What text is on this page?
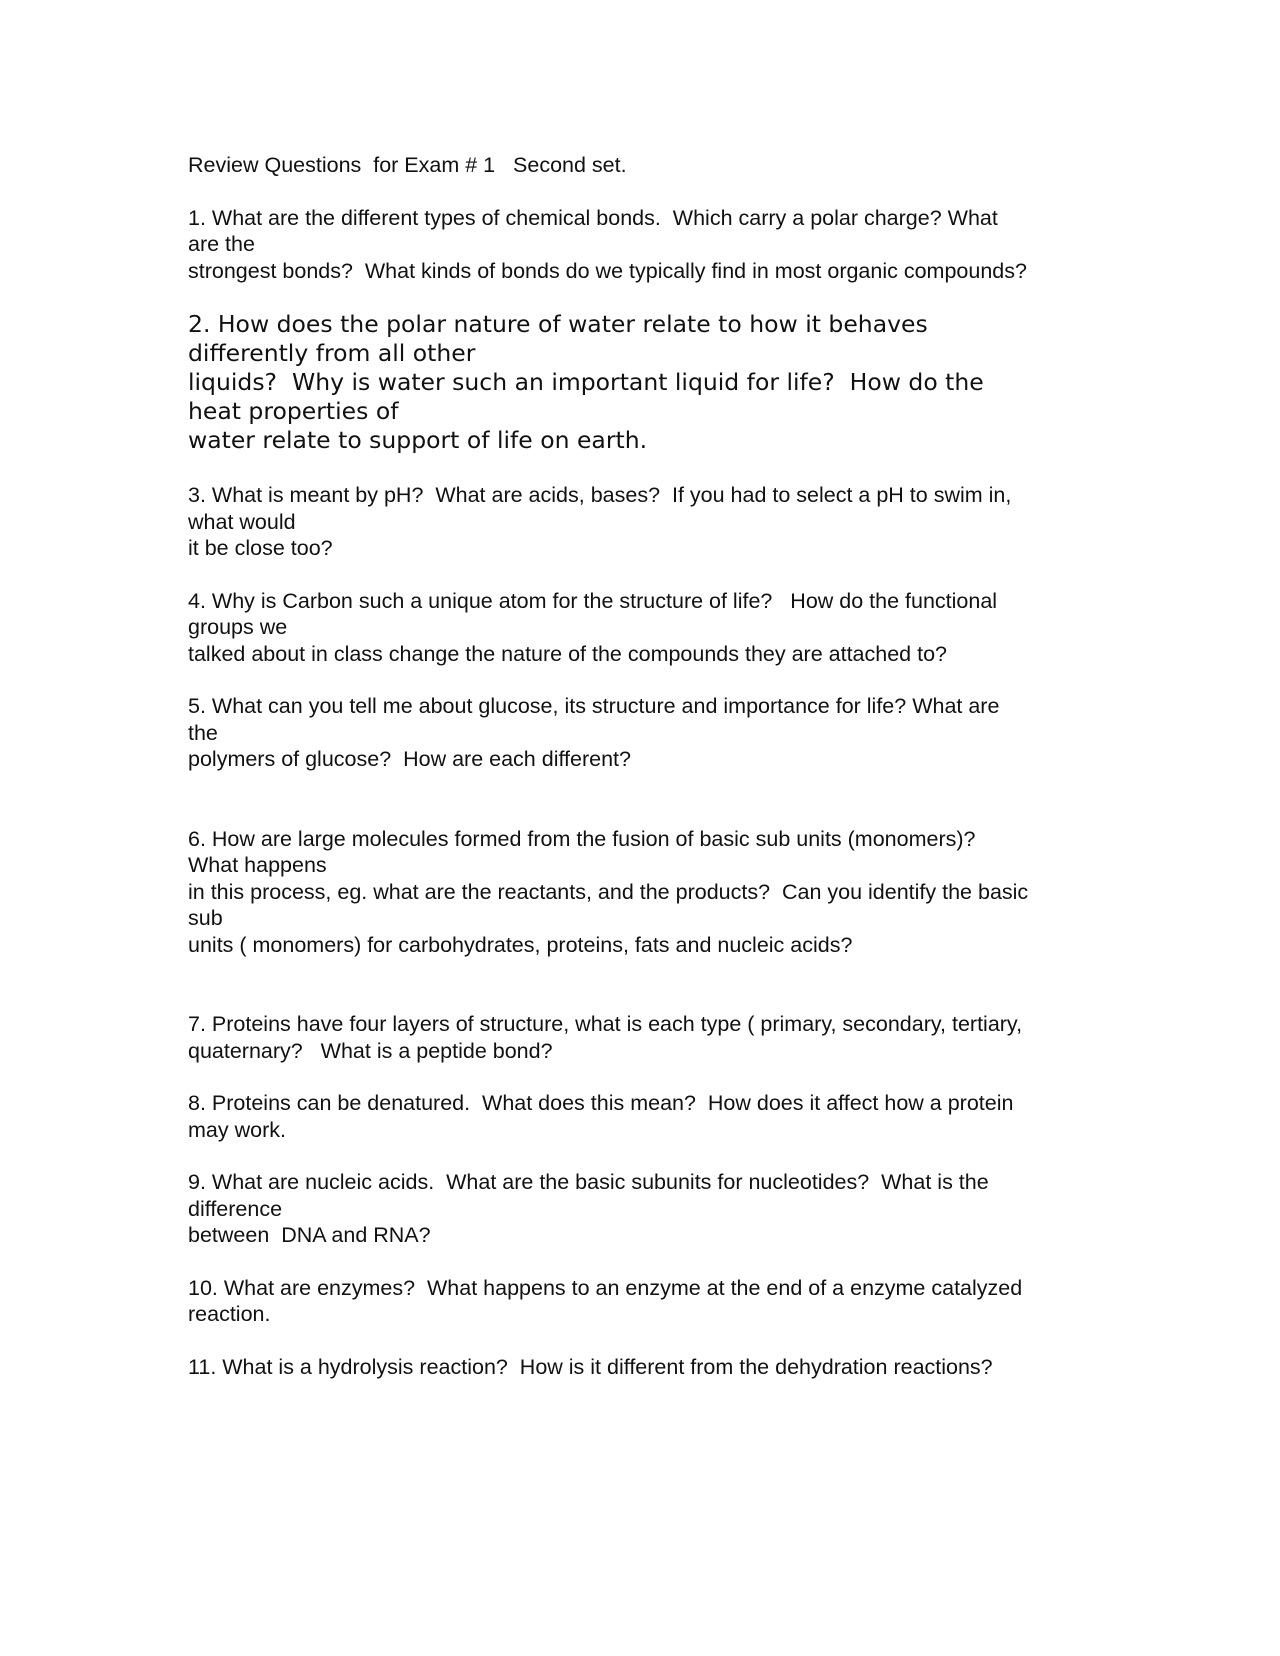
Review Questions  for Exam # 1   Second set.
1. What are the different types of chemical bonds.  Which carry a polar charge? What
are the
strongest bonds?  What kinds of bonds do we typically find in most organic compounds?
2. How does the polar nature of water relate to how it behaves
differently from all other
liquids?  Why is water such an important liquid for life?  How do the
heat properties of
water relate to support of life on earth.
3. What is meant by pH?  What are acids, bases?  If you had to select a pH to swim in,
what would
it be close too?
4. Why is Carbon such a unique atom for the structure of life?   How do the functional
groups we
talked about in class change the nature of the compounds they are attached to?
5. What can you tell me about glucose, its structure and importance for life? What are
the
polymers of glucose?  How are each different?
6. How are large molecules formed from the fusion of basic sub units (monomers)?
What happens
in this process, eg. what are the reactants, and the products?  Can you identify the basic
sub
units ( monomers) for carbohydrates, proteins, fats and nucleic acids?
7. Proteins have four layers of structure, what is each type ( primary, secondary, tertiary,
quaternary?   What is a peptide bond?
8. Proteins can be denatured.  What does this mean?  How does it affect how a protein
may work.
9. What are nucleic acids.  What are the basic subunits for nucleotides?  What is the
difference
between  DNA and RNA?
10. What are enzymes?  What happens to an enzyme at the end of a enzyme catalyzed
reaction.
11. What is a hydrolysis reaction?  How is it different from the dehydration reactions?
